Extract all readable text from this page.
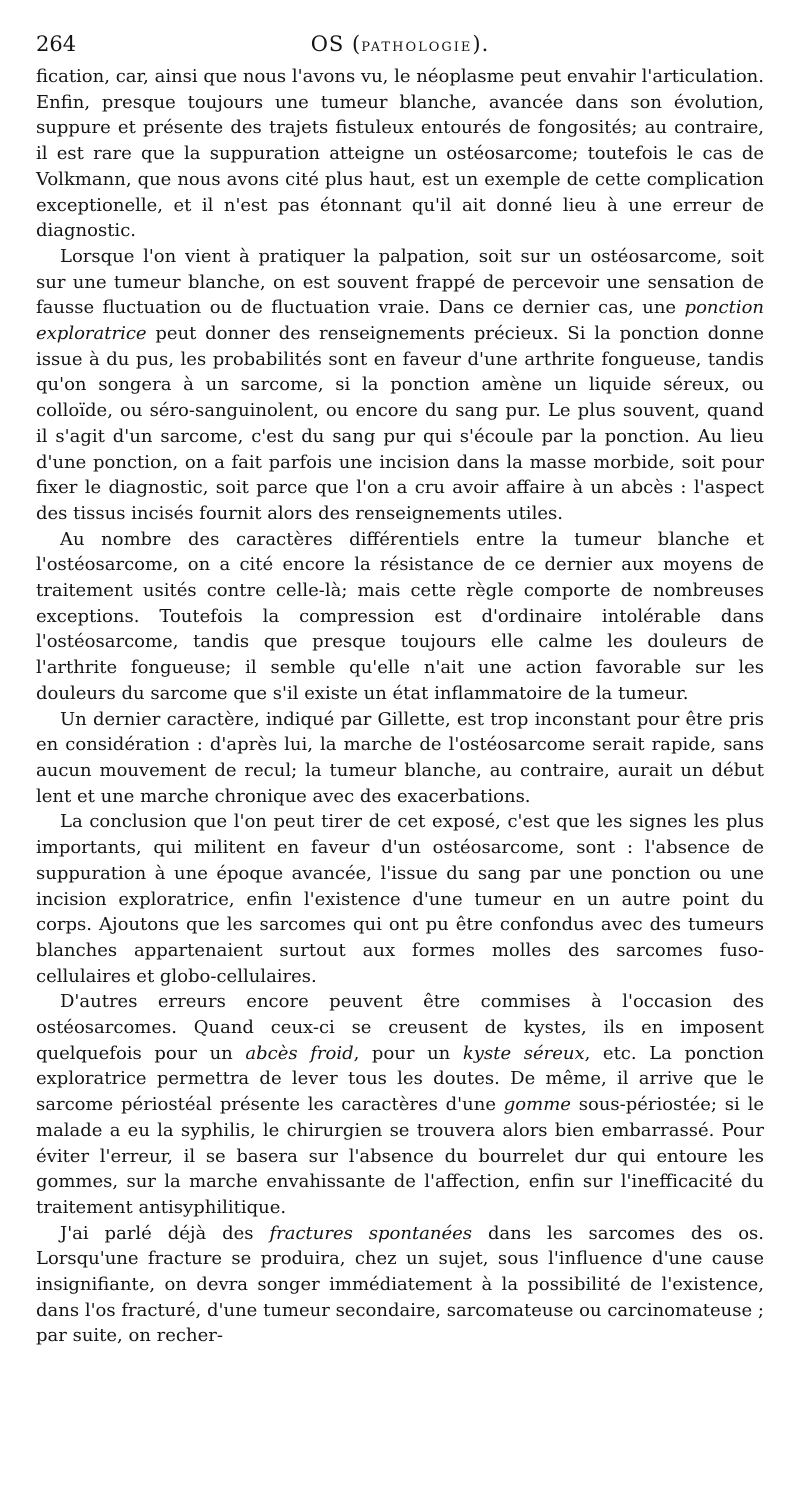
264	OS (PATHOLOGIE).

fication, car, ainsi que nous l'avons vu, le néoplasme peut envahir l'articulation. Enfin, presque toujours une tumeur blanche, avancée dans son évolution, suppure et présente des trajets fistuleux entourés de fongosités; au contraire, il est rare que la suppuration atteigne un ostéosarcome; toutefois le cas de Volkmann, que nous avons cité plus haut, est un exemple de cette complication exceptionelle, et il n'est pas étonnant qu'il ait donné lieu à une erreur de diagnostic.

Lorsque l'on vient à pratiquer la palpation, soit sur un ostéosarcome, soit sur une tumeur blanche, on est souvent frappé de percevoir une sensation de fausse fluctuation ou de fluctuation vraie. Dans ce dernier cas, une ponction exploratrice peut donner des renseignements précieux. Si la ponction donne issue à du pus, les probabilités sont en faveur d'une arthrite fongueuse, tandis qu'on songera à un sarcome, si la ponction amène un liquide séreux, ou colloïde, ou séro-sanguinolent, ou encore du sang pur. Le plus souvent, quand il s'agit d'un sarcome, c'est du sang pur qui s'écoule par la ponction. Au lieu d'une ponction, on a fait parfois une incision dans la masse morbide, soit pour fixer le diagnostic, soit parce que l'on a cru avoir affaire à un abcès : l'aspect des tissus incisés fournit alors des renseignements utiles.

Au nombre des caractères différentiels entre la tumeur blanche et l'ostéosarcome, on a cité encore la résistance de ce dernier aux moyens de traitement usités contre celle-là; mais cette règle comporte de nombreuses exceptions. Toutefois la compression est d'ordinaire intolérable dans l'ostéosarcome, tandis que presque toujours elle calme les douleurs de l'arthrite fongueuse; il semble qu'elle n'ait une action favorable sur les douleurs du sarcome que s'il existe un état inflammatoire de la tumeur.

Un dernier caractère, indiqué par Gillette, est trop inconstant pour être pris en considération : d'après lui, la marche de l'ostéosarcome serait rapide, sans aucun mouvement de recul; la tumeur blanche, au contraire, aurait un début lent et une marche chronique avec des exacerbations.

La conclusion que l'on peut tirer de cet exposé, c'est que les signes les plus importants, qui militent en faveur d'un ostéosarcome, sont : l'absence de suppuration à une époque avancée, l'issue du sang par une ponction ou une incision exploratrice, enfin l'existence d'une tumeur en un autre point du corps. Ajoutons que les sarcomes qui ont pu être confondus avec des tumeurs blanches appartenaient surtout aux formes molles des sarcomes fuso-cellulaires et globo-cellulaires.

D'autres erreurs encore peuvent être commises à l'occasion des ostéosarcomes. Quand ceux-ci se creusent de kystes, ils en imposent quelquefois pour un abcès froid, pour un kyste séreux, etc. La ponction exploratrice permettra de lever tous les doutes. De même, il arrive que le sarcome périostéal présente les caractères d'une gomme sous-périostée; si le malade a eu la syphilis, le chirurgien se trouvera alors bien embarrassé. Pour éviter l'erreur, il se basera sur l'absence du bourrelet dur qui entoure les gommes, sur la marche envahissante de l'affection, enfin sur l'inefficacité du traitement antisyphilitique.

J'ai parlé déjà des fractures spontanées dans les sarcomes des os. Lorsqu'une fracture se produira, chez un sujet, sous l'influence d'une cause insignifiante, on devra songer immédiatement à la possibilité de l'existence, dans l'os fracturé, d'une tumeur secondaire, sarcomateuse ou carcinomateuse ; par suite, on recher-
